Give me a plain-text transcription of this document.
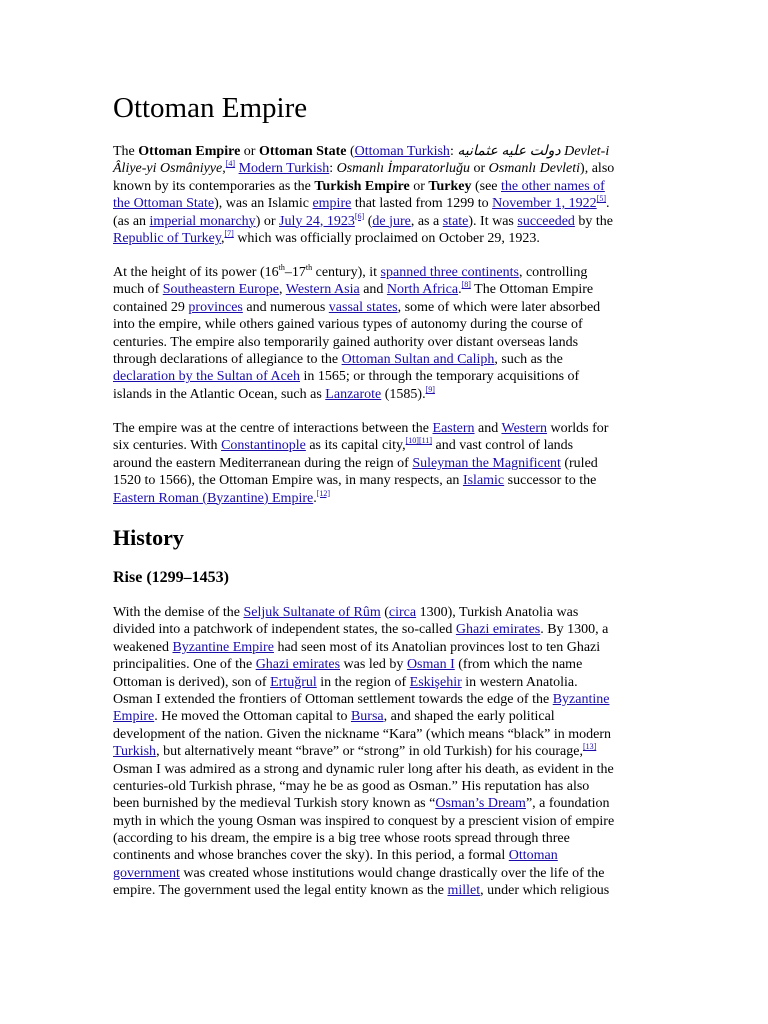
Ottoman Empire
The Ottoman Empire or Ottoman State (Ottoman Turkish: دولت عليه عثمانيه Devlet-i
Âliye-yi Osmâniyye,[4] Modern Turkish: Osmanlı İmparatorluğu or Osmanlı Devleti), also
known by its contemporaries as the Turkish Empire or Turkey (see the other names of
the Ottoman State), was an Islamic empire that lasted from 1299 to November 1, 1922[5].
(as an imperial monarchy) or July 24, 1923[6] (de jure, as a state). It was succeeded by the
Republic of Turkey,[7] which was officially proclaimed on October 29, 1923.
At the height of its power (16th–17th century), it spanned three continents, controlling
much of Southeastern Europe, Western Asia and North Africa.[8] The Ottoman Empire
contained 29 provinces and numerous vassal states, some of which were later absorbed
into the empire, while others gained various types of autonomy during the course of
centuries. The empire also temporarily gained authority over distant overseas lands
through declarations of allegiance to the Ottoman Sultan and Caliph, such as the
declaration by the Sultan of Aceh in 1565; or through the temporary acquisitions of
islands in the Atlantic Ocean, such as Lanzarote (1585).[9]
The empire was at the centre of interactions between the Eastern and Western worlds for
six centuries. With Constantinople as its capital city,[10][11] and vast control of lands
around the eastern Mediterranean during the reign of Suleyman the Magnificent (ruled
1520 to 1566), the Ottoman Empire was, in many respects, an Islamic successor to the
Eastern Roman (Byzantine) Empire.[12]
History
Rise (1299–1453)
With the demise of the Seljuk Sultanate of Rûm (circa 1300), Turkish Anatolia was
divided into a patchwork of independent states, the so-called Ghazi emirates. By 1300, a
weakened Byzantine Empire had seen most of its Anatolian provinces lost to ten Ghazi
principalities. One of the Ghazi emirates was led by Osman I (from which the name
Ottoman is derived), son of Ertuğrul in the region of Eskişehir in western Anatolia.
Osman I extended the frontiers of Ottoman settlement towards the edge of the Byzantine
Empire. He moved the Ottoman capital to Bursa, and shaped the early political
development of the nation. Given the nickname “Kara” (which means “black” in modern
Turkish, but alternatively meant “brave” or “strong” in old Turkish) for his courage,[13]
Osman I was admired as a strong and dynamic ruler long after his death, as evident in the
centuries-old Turkish phrase, “may he be as good as Osman.” His reputation has also
been burnished by the medieval Turkish story known as “Osman’s Dream”, a foundation
myth in which the young Osman was inspired to conquest by a prescient vision of empire
(according to his dream, the empire is a big tree whose roots spread through three
continents and whose branches cover the sky). In this period, a formal Ottoman
government was created whose institutions would change drastically over the life of the
empire. The government used the legal entity known as the millet, under which religious
